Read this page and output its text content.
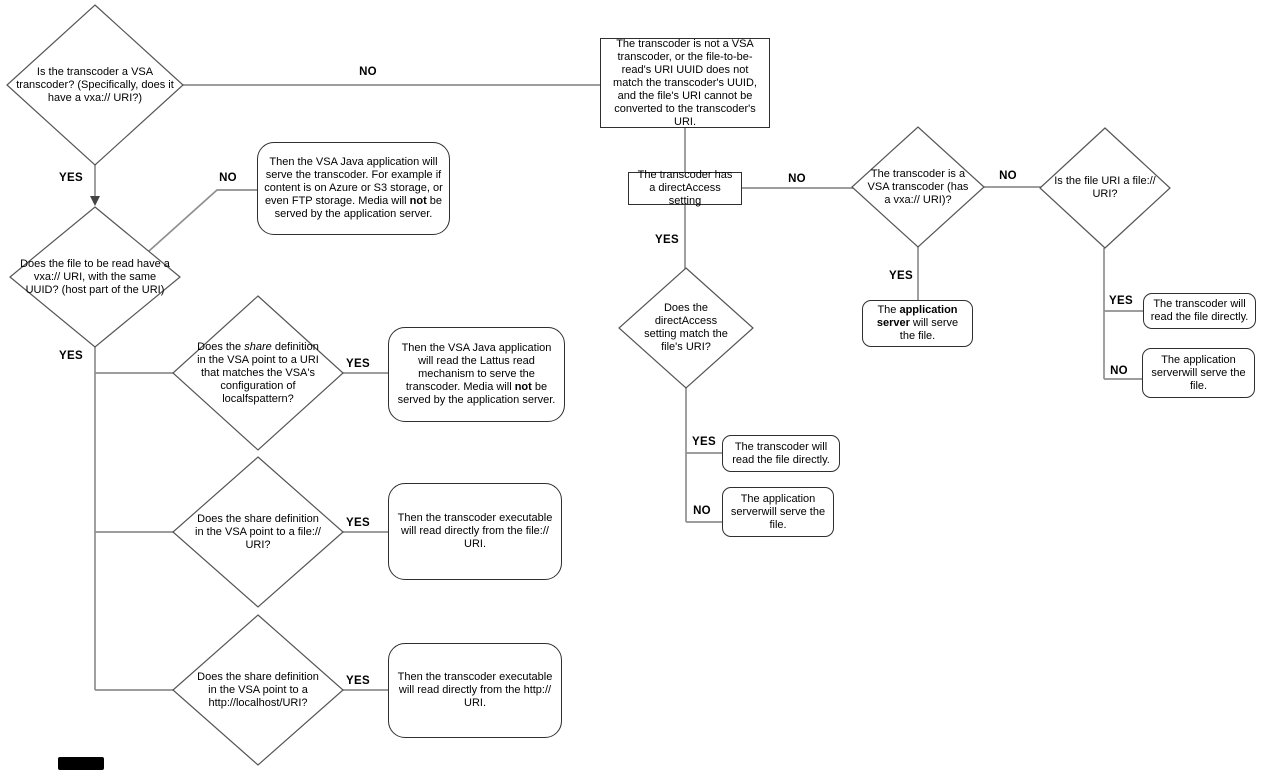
Is the transcoder a VSA transcoder? (Specifically, does it have a vxa:// URI?)
Does the file to be read have a vxa:// URI, with the same UUID? (host part of the URI)
Does the share definition in the VSA point to a URI that matches the VSA's configuration of localfspattern?
Does the share definition in the VSA point to a file:// URI?
Does the share definition in the VSA point to a http://localhost/URI?
The transcoder is a VSA transcoder (has a vxa:// URI)?
Is the file URI a file:// URI?
Does the directAccess setting match the file's URI?
The transcoder is not a VSA transcoder, or the file-to-be-read's URI UUID does not match the transcoder's UUID, and the file's URI cannot be converted to the transcoder's URI.
The transcoder has a directAccess setting
Then the VSA Java application will serve the transcoder. For example if content is on Azure or S3 storage, or even FTP storage. Media will not be served by the application server.
Then the VSA Java application will read the Lattus read mechanism to serve the transcoder. Media will not be served by the application server.
Then the transcoder executable will read directly from the file:// URI.
Then the transcoder executable will read directly from the http:// URI.
The transcoder will read the file directly.
The application serverwill serve the file.
The application server will serve the file.
The transcoder will read the file directly.
The application serverwill serve the file.
NO
YES	NO
YES
YES
YES
YES
NO
YES
NO
YES
YES
NO
YES
NO
